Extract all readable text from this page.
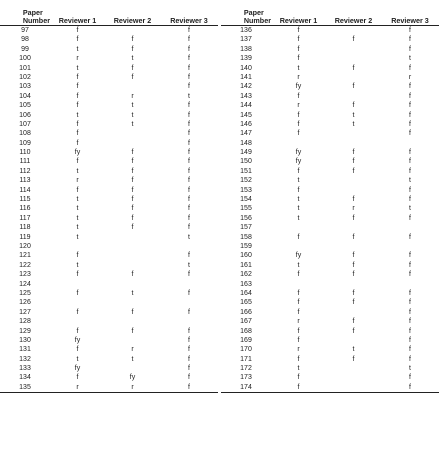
Paper
Number	Reviewer 1	Reviewer 2	Reviewer 3
97	f		f
98	f	f	f
99	t	f	f
100	r	t	f
101	t	f	f
102	f	f	f
103	f		f
104	f	r	t
105	f	t	f
106	t	t	f
107	f	t	f
108	f		f
109	f		f
110	fy	f	f
111	f	f	f
112	t	f	f
113	r	f	f
114	f	f	f
115	t	f	f
116	t	f	f
117	t	f	f
118	t	f	f
119	t		t
120			
121	f		f
122	t		t
123	f	f	f
124			
125	f	t	f
126			
127	f	f	f
128			
129	f	f	f
130	fy		f
131	f	r	f
132	t	t	f
133	fy		f
134	f	fy	f
135	r	r	f
Paper
Number	Reviewer 1	Reviewer 2	Reviewer 3
136	f		f
137	f	f	f
138	f		f
139	f		t
140	t	f	f
141	r		r
142	fy	f	f
143	f		f
144	r	f	f
145	f	t	f
146	f	t	f
147	f		f
148			
149	fy	f	f
150	fy	f	f
151	f	f	f
152	t		t
153	f		f
154	t	f	f
155	t	r	t
156	t	f	f
157			
158	f	f	f
159			
160	fy	f	f
161	t	f	f
162	f	f	f
163			
164	f	f	f
165	f	f	f
166	f		f
167	r	f	f
168	f	f	f
169	f		f
170	r	t	f
171	f	f	f
172	t		t
173	f		f
174	f		f
